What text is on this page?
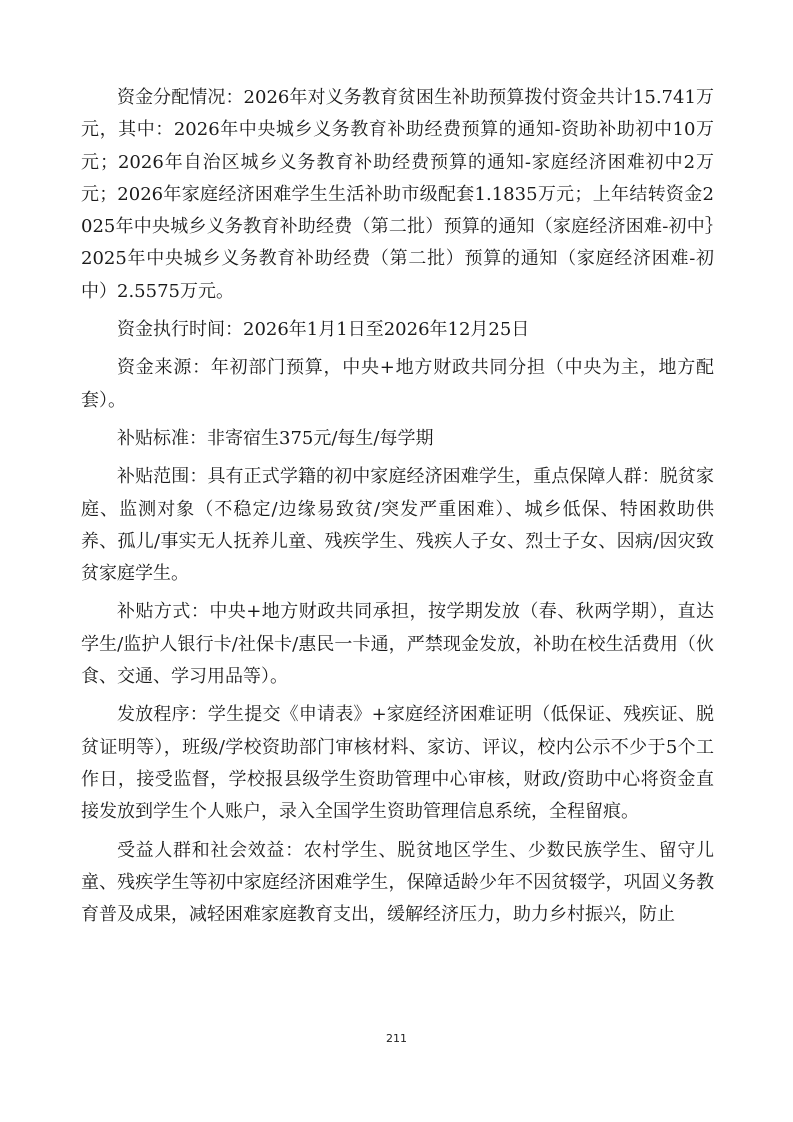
资金分配情况：2026年对义务教育贫困生补助预算拨付资金共计15.741万元，其中：2026年中央城乡义务教育补助经费预算的通知-资助补助初中10万元；2026年自治区城乡义务教育补助经费预算的通知-家庭经济困难初中2万元；2026年家庭经济困难学生生活补助市级配套1.1835万元；上年结转资金2025年中央城乡义务教育补助经费（第二批）预算的通知（家庭经济困难-初中｝2025年中央城乡义务教育补助经费（第二批）预算的通知（家庭经济困难-初中）2.5575万元。

资金执行时间：2026年1月1日至2026年12月25日

资金来源：年初部门预算，中央+地方财政共同分担（中央为主，地方配套）。

补贴标准：非寄宿生375元/每生/每学期

补贴范围：具有正式学籍的初中家庭经济困难学生，重点保障人群：脱贫家庭、监测对象（不稳定/边缘易致贫/突发严重困难）、城乡低保、特困救助供养、孤儿/事实无人抚养儿童、残疾学生、残疾人子女、烈士子女、因病/因灾致贫家庭学生。

补贴方式：中央+地方财政共同承担，按学期发放（春、秋两学期），直达学生/监护人银行卡/社保卡/惠民一卡通，严禁现金发放，补助在校生活费用（伙食、交通、学习用品等）。

发放程序：学生提交《申请表》+家庭经济困难证明（低保证、残疾证、脱贫证明等），班级/学校资助部门审核材料、家访、评议，校内公示不少于5个工作日，接受监督，学校报县级学生资助管理中心审核，财政/资助中心将资金直接发放到学生个人账户，录入全国学生资助管理信息系统，全程留痕。

受益人群和社会效益：农村学生、脱贫地区学生、少数民族学生、留守儿童、残疾学生等初中家庭经济困难学生，保障适龄少年不因贫辍学，巩固义务教育普及成果，减轻困难家庭教育支出，缓解经济压力，助力乡村振兴，防止

211
